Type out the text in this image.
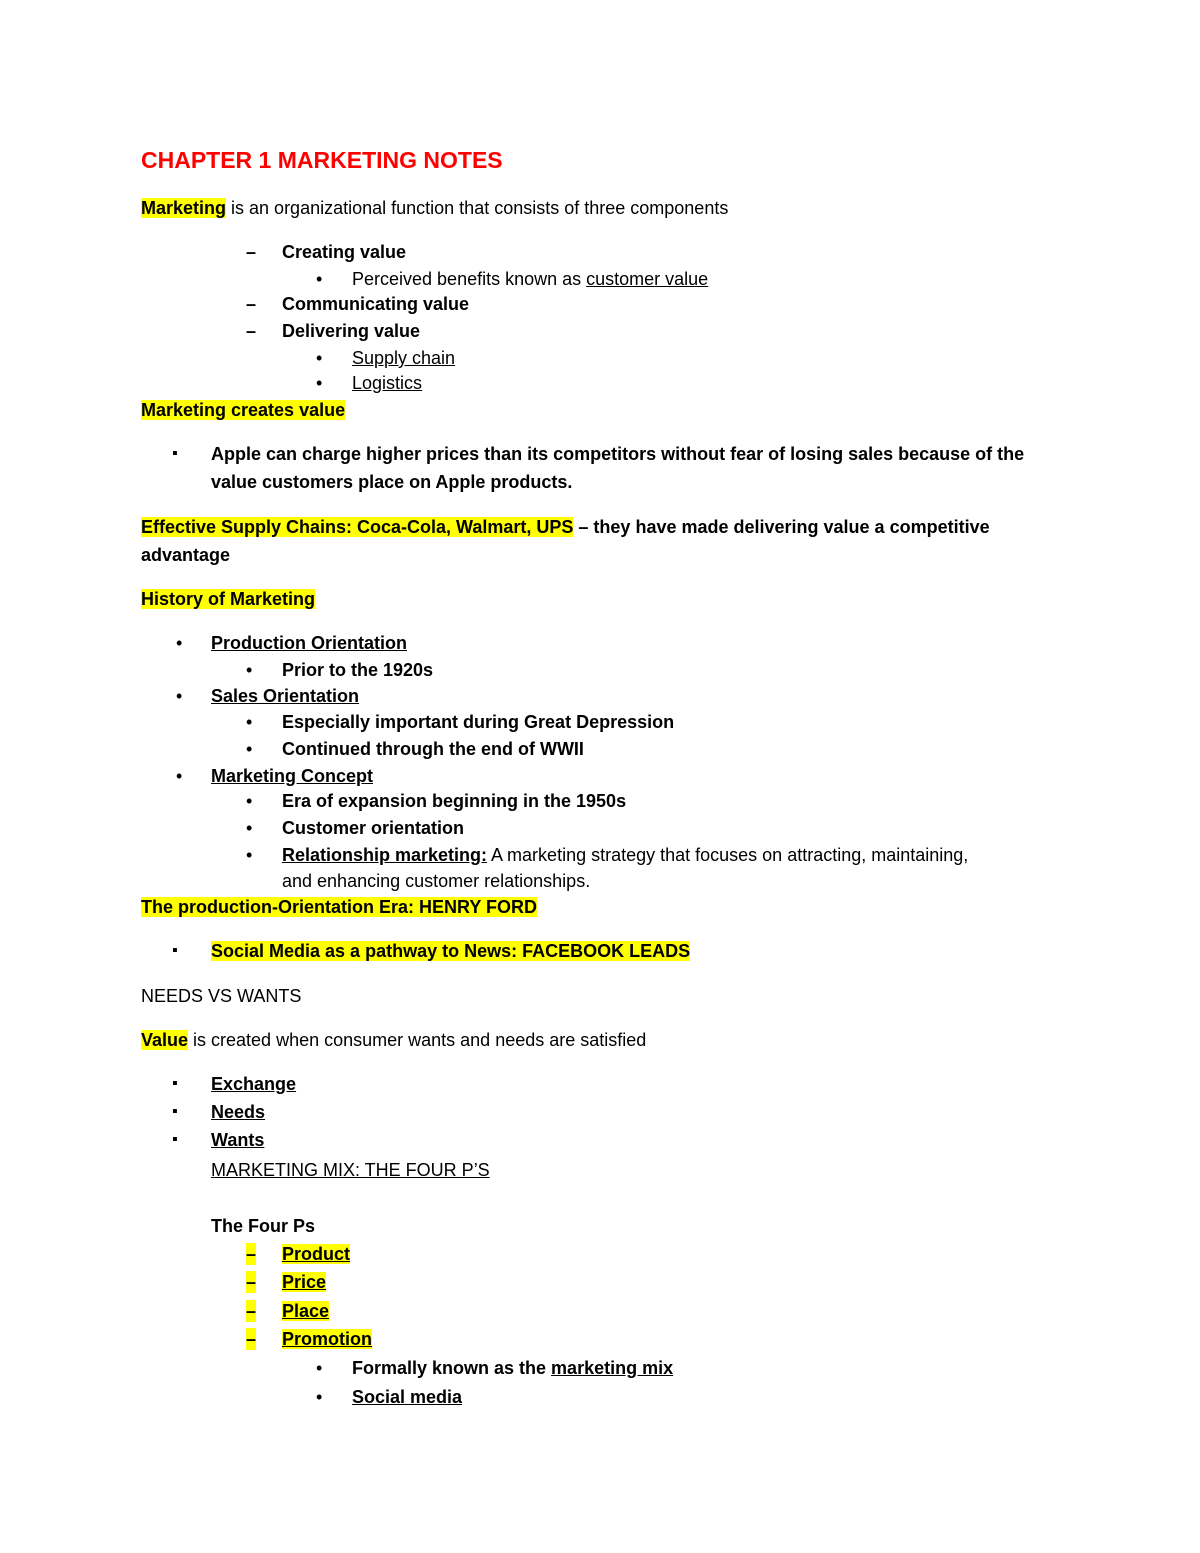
CHAPTER 1 MARKETING NOTES
Marketing is an organizational function that consists of three components
– Creating value
• Perceived benefits known as customer value
– Communicating value
– Delivering value
• Supply chain
• Logistics
Marketing creates value
▪ Apple can charge higher prices than its competitors without fear of losing sales because of the
value customers place on Apple products.
Effective Supply Chains: Coca-Cola, Walmart, UPS – they have made delivering value a competitive
advantage
History of Marketing
• Production Orientation
• Prior to the 1920s
• Sales Orientation
• Especially important during Great Depression
• Continued through the end of WWII
• Marketing Concept
• Era of expansion beginning in the 1950s
• Customer orientation
• Relationship marketing: A marketing strategy that focuses on attracting, maintaining,
and enhancing customer relationships.
The production-Orientation Era: HENRY FORD
▪ Social Media as a pathway to News: FACEBOOK LEADS
NEEDS VS WANTS
Value is created when consumer wants and needs are satisfied
▪ Exchange
▪ Needs
▪ Wants
MARKETING MIX: THE FOUR P’S
The Four Ps
– Product
– Price
– Place
– Promotion
• Formally known as the marketing mix
• Social media
